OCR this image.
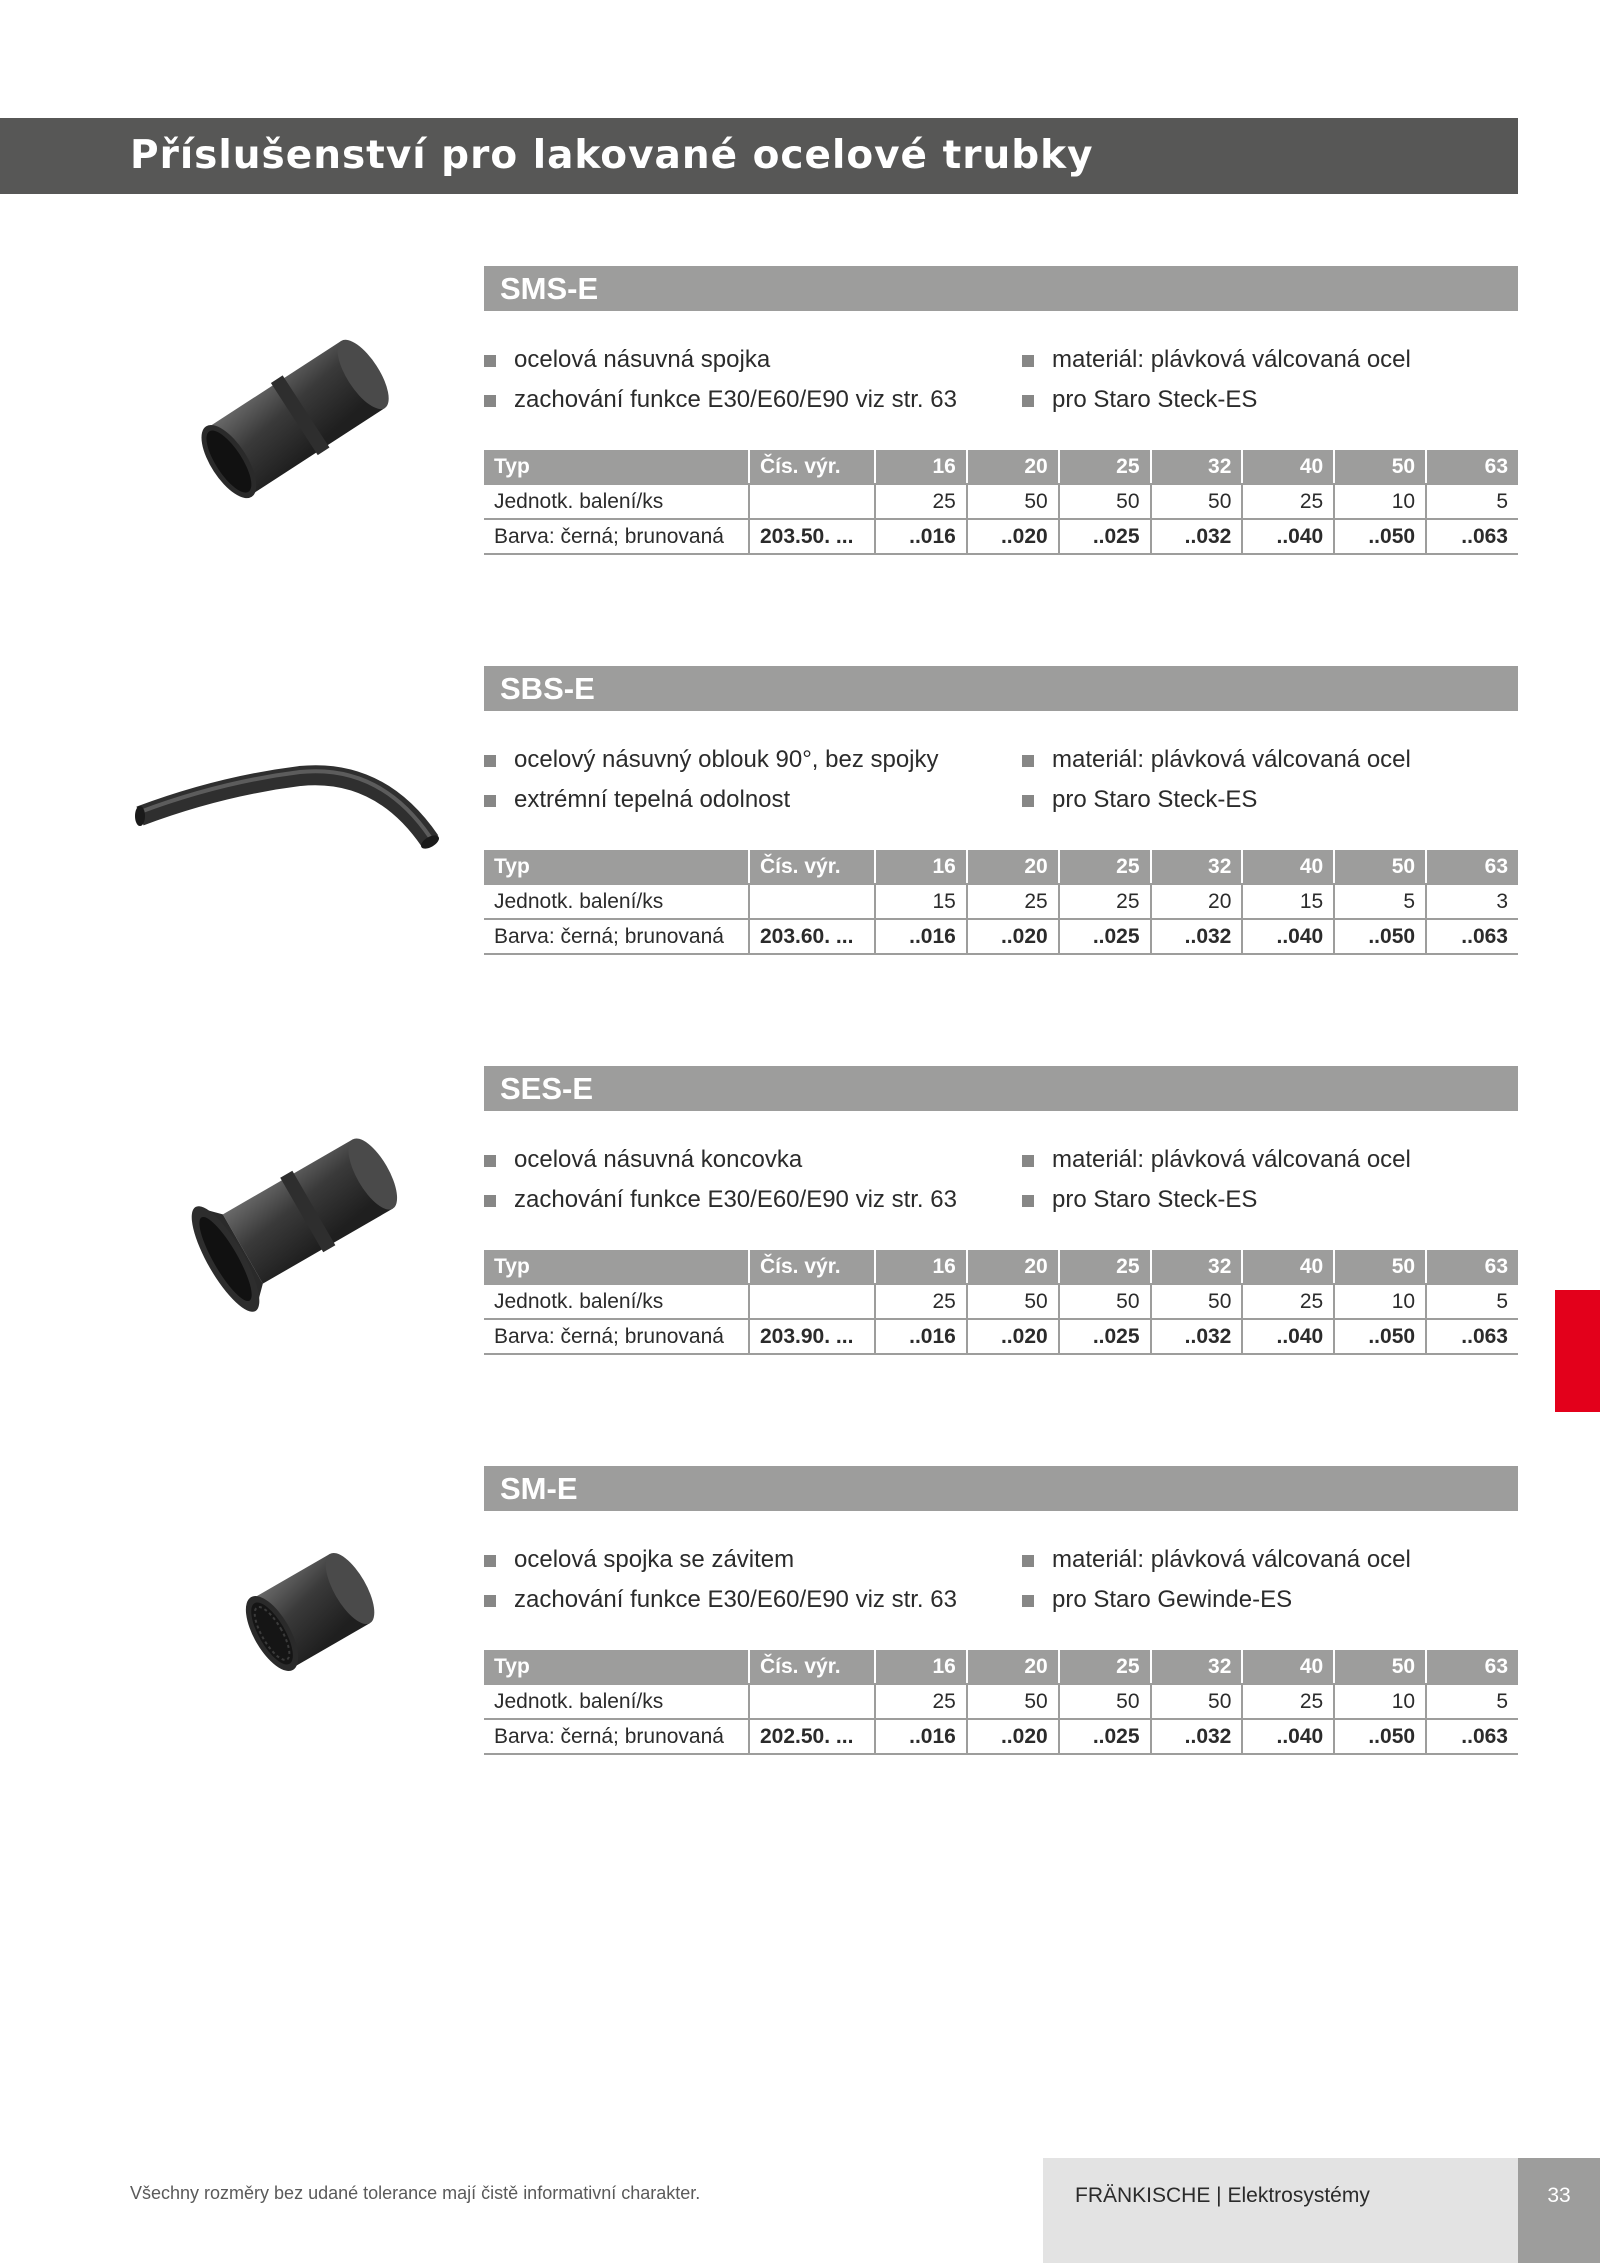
Příslušenství pro lakované ocelové trubky
SMS-E
ocelová násuvná spojka
zachování funkce E30/E60/E90 viz str. 63
materiál: plávková válcovaná ocel
pro Staro Steck-ES
Typ	Čís. výr.	16	20	25	32	40	50	63
Jednotk. balení/ks		25	50	50	50	25	10	5
Barva: černá; brunovaná	203.50. ...	..016	..020	..025	..032	..040	..050	..063
SBS-E
ocelový násuvný oblouk 90°, bez spojky
extrémní tepelná odolnost
materiál: plávková válcovaná ocel
pro Staro Steck-ES
Typ	Čís. výr.	16	20	25	32	40	50	63
Jednotk. balení/ks		15	25	25	20	15	5	3
Barva: černá; brunovaná	203.60. ...	..016	..020	..025	..032	..040	..050	..063
SES-E
ocelová násuvná koncovka
zachování funkce E30/E60/E90 viz str. 63
materiál: plávková válcovaná ocel
pro Staro Steck-ES
Typ	Čís. výr.	16	20	25	32	40	50	63
Jednotk. balení/ks		25	50	50	50	25	10	5
Barva: černá; brunovaná	203.90. ...	..016	..020	..025	..032	..040	..050	..063
SM-E
ocelová spojka se závitem
zachování funkce E30/E60/E90 viz str. 63
materiál: plávková válcovaná ocel
pro Staro Gewinde-ES
Typ	Čís. výr.	16	20	25	32	40	50	63
Jednotk. balení/ks		25	50	50	50	25	10	5
Barva: černá; brunovaná	202.50. ...	..016	..020	..025	..032	..040	..050	..063
Všechny rozměry bez udané tolerance mají čistě informativní charakter.	FRÄNKISCHE | Elektrosystémy	33
